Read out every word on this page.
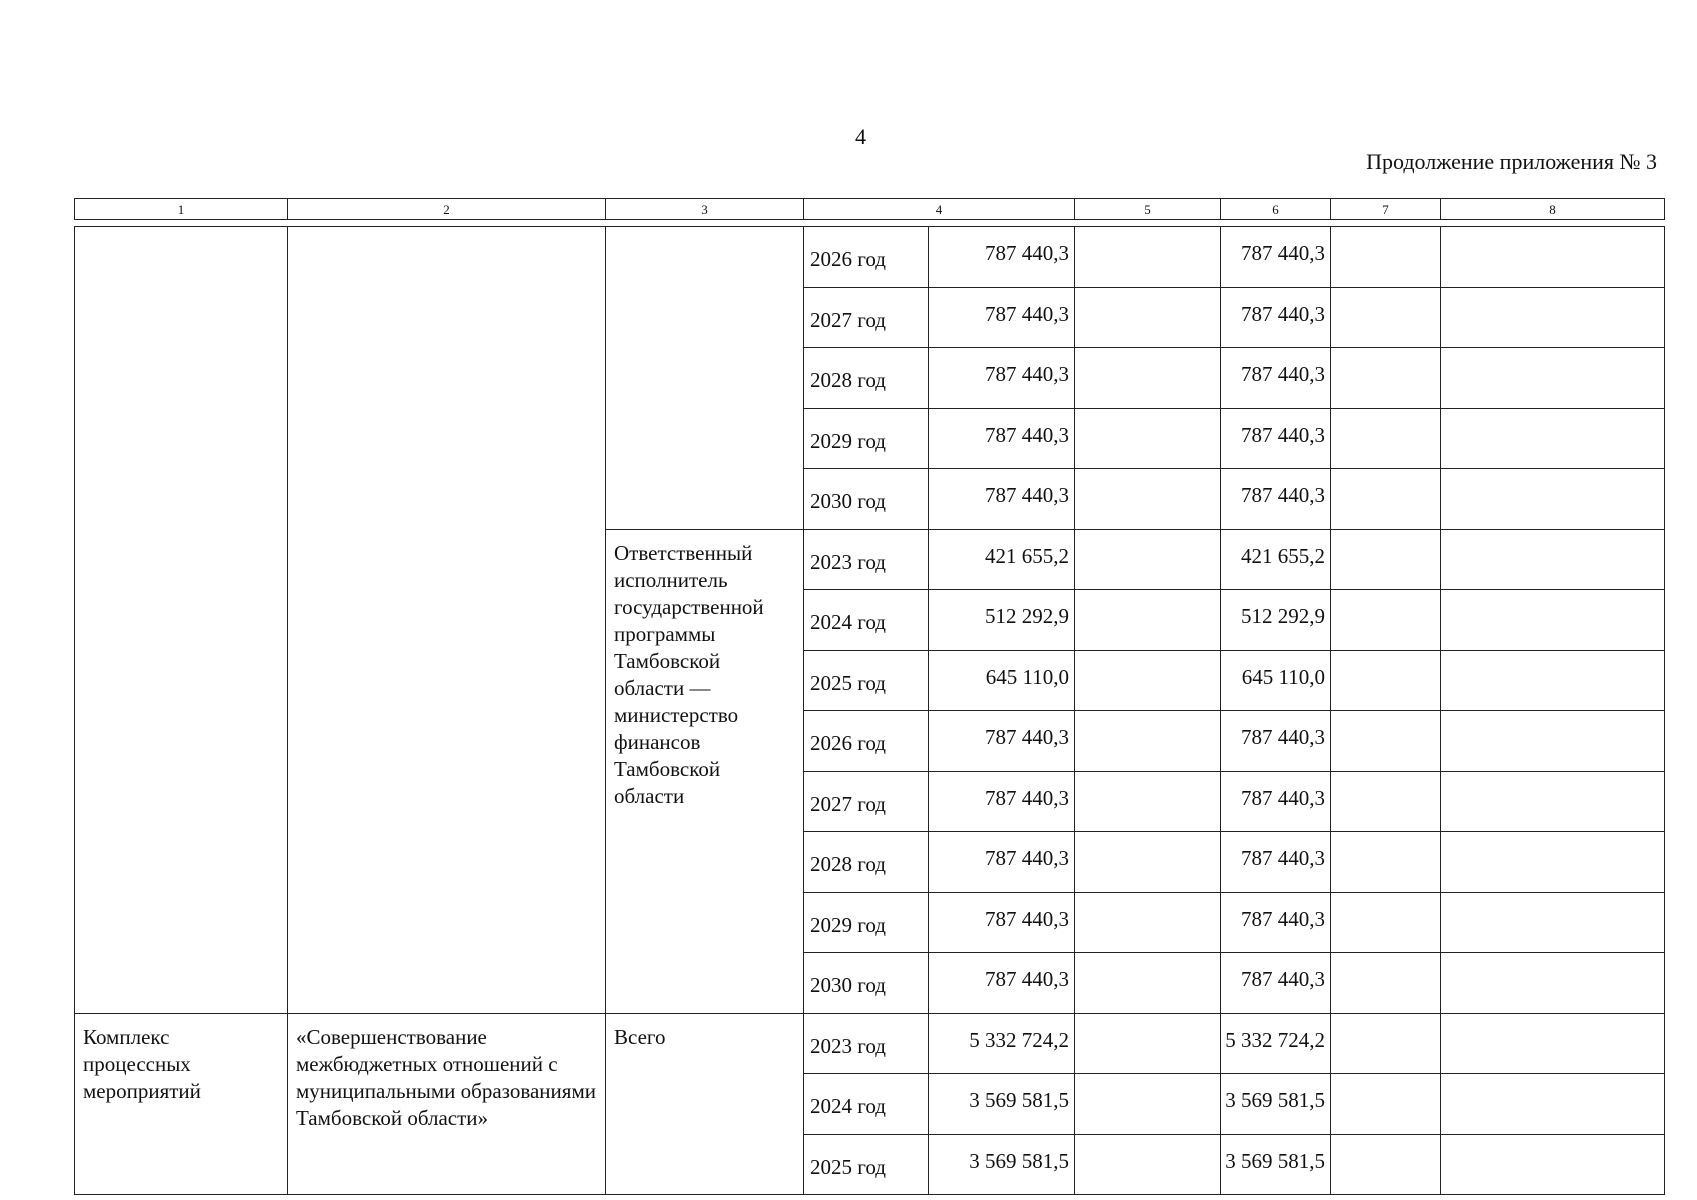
4
Продолжение приложения № 3
1	2	3	4	5	6	7	8
			2026 год	787 440,3		787 440,3		
			2027 год	787 440,3		787 440,3		
			2028 год	787 440,3		787 440,3		
			2029 год	787 440,3		787 440,3		
			2030 год	787 440,3		787 440,3		
		Ответственный исполнитель государственной программы Тамбовской области — министерство финансов Тамбовской области	2023 год	421 655,2		421 655,2		
			2024 год	512 292,9		512 292,9		
			2025 год	645 110,0		645 110,0		
			2026 год	787 440,3		787 440,3		
			2027 год	787 440,3		787 440,3		
			2028 год	787 440,3		787 440,3		
			2029 год	787 440,3		787 440,3		
			2030 год	787 440,3		787 440,3		
Комплекс процессных мероприятий	«Совершенствование межбюджетных отношений с муниципальными образованиями Тамбовской области»	Всего	2023 год	5 332 724,2		5 332 724,2		
			2024 год	3 569 581,5		3 569 581,5		
			2025 год	3 569 581,5		3 569 581,5		
